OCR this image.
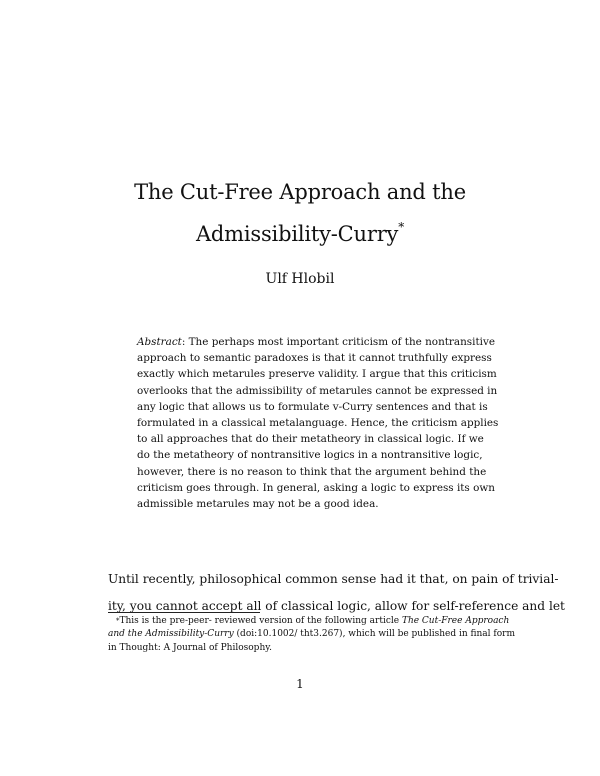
The Cut-Free Approach and the
Admissibility-Curry*
Ulf Hlobil
Abstract: The perhaps most important criticism of the nontransitive
approach to semantic paradoxes is that it cannot truthfully express
exactly which metarules preserve validity. I argue that this criticism
overlooks that the admissibility of metarules cannot be expressed in
any logic that allows us to formulate v-Curry sentences and that is
formulated in a classical metalanguage. Hence, the criticism applies
to all approaches that do their metatheory in classical logic. If we
do the metatheory of nontransitive logics in a nontransitive logic,
however, there is no reason to think that the argument behind the
criticism goes through. In general, asking a logic to express its own
admissible metarules may not be a good idea.
Until recently, philosophical common sense had it that, on pain of trivial-
ity, you cannot accept all of classical logic, allow for self-reference and let
*This is the pre-peer- reviewed version of the following article The Cut-Free Approach
and the Admissibility-Curry (doi:10.1002/ tht3.267), which will be published in final form
in Thought: A Journal of Philosophy.
1
